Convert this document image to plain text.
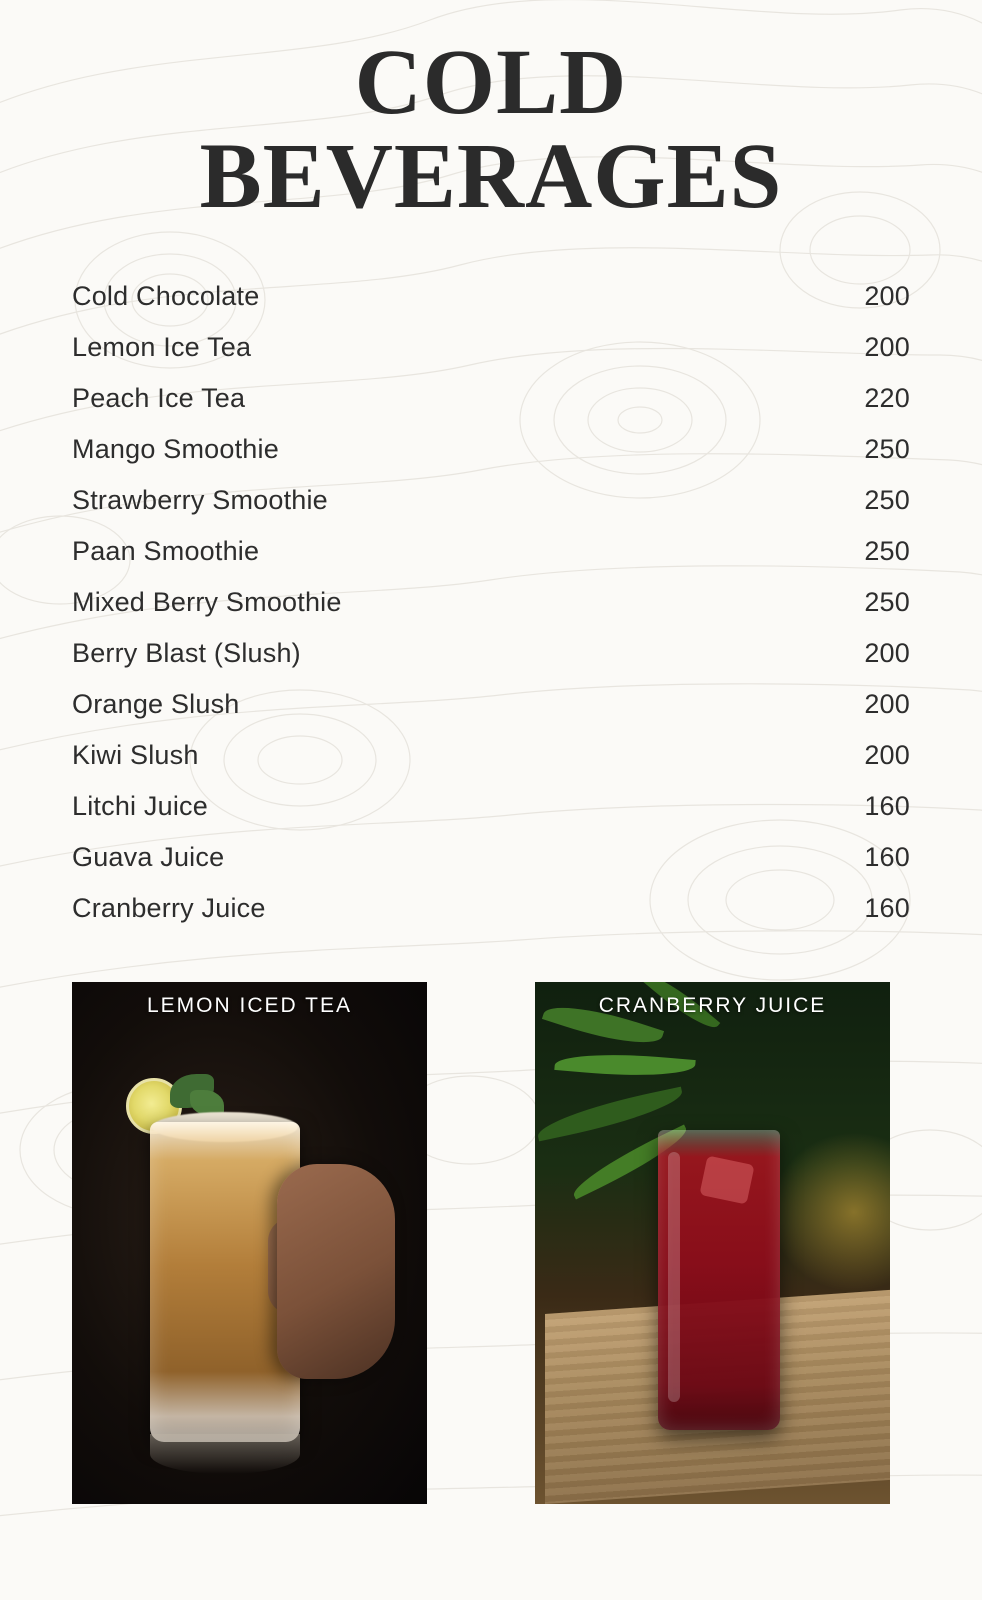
COLD
BEVERAGES
Cold Chocolate	200
Lemon Ice Tea	200
Peach Ice Tea	220
Mango Smoothie	250
Strawberry Smoothie	250
Paan Smoothie	250
Mixed Berry Smoothie	250
Berry Blast (Slush)	200
Orange Slush	200
Kiwi Slush	200
Litchi Juice	160
Guava Juice	160
Cranberry Juice	160
LEMON ICED TEA	CRANBERRY JUICE
